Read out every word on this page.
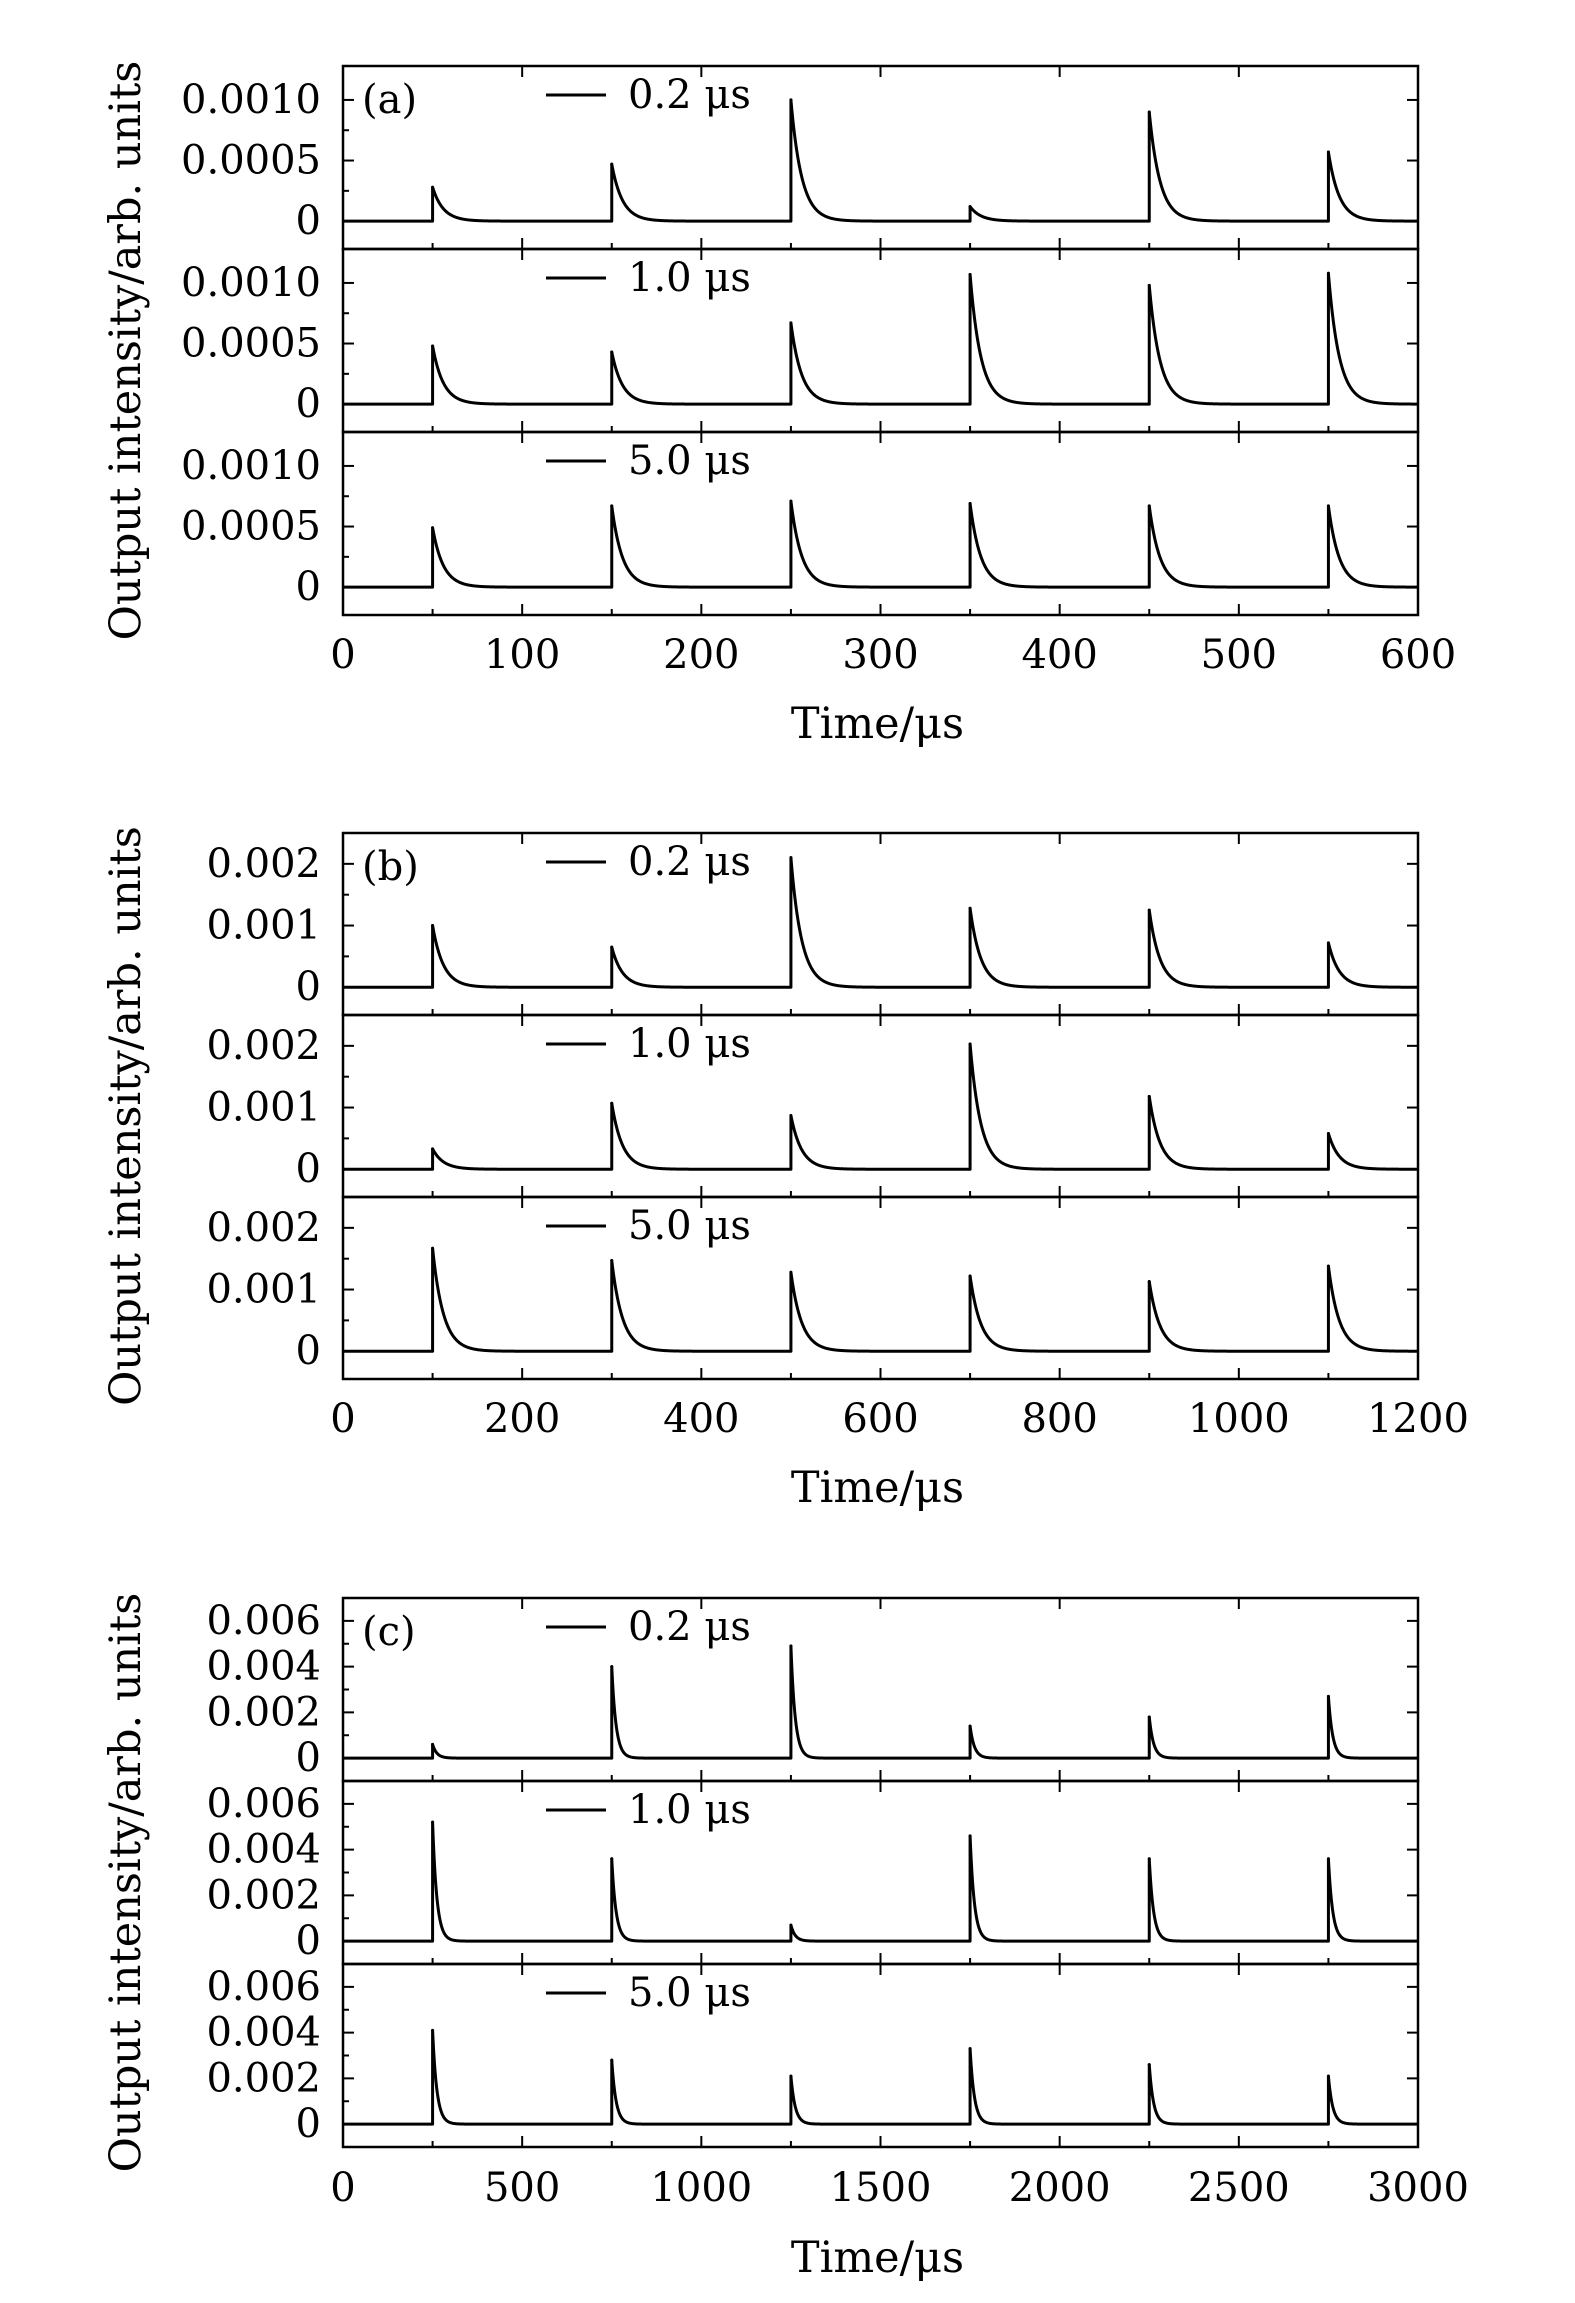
0
0.0005
0.0010	0.2 μs
0
0.0005
0.0010	1.0 μs
0
0.0005
0.0010	5.0 μs
(a)
0	100	200	300	400	500	600
Time/μs
Output intensity/arb. units
0
0.001
0.002	0.2 μs
0
0.001
0.002	1.0 μs
0
0.001
0.002	5.0 μs
(b)
0	200	400	600	800 1000 1200
Time/μs
Output intensity/arb. units
0
0.002
0.004
0.006	0.2 μs
0
0.002
0.004
0.006	1.0 μs
0
0.002
0.004
0.006	5.0 μs
(c)
0	500 1000 1500 2000 2500 3000
Time/μs
Output intensity/arb. units
